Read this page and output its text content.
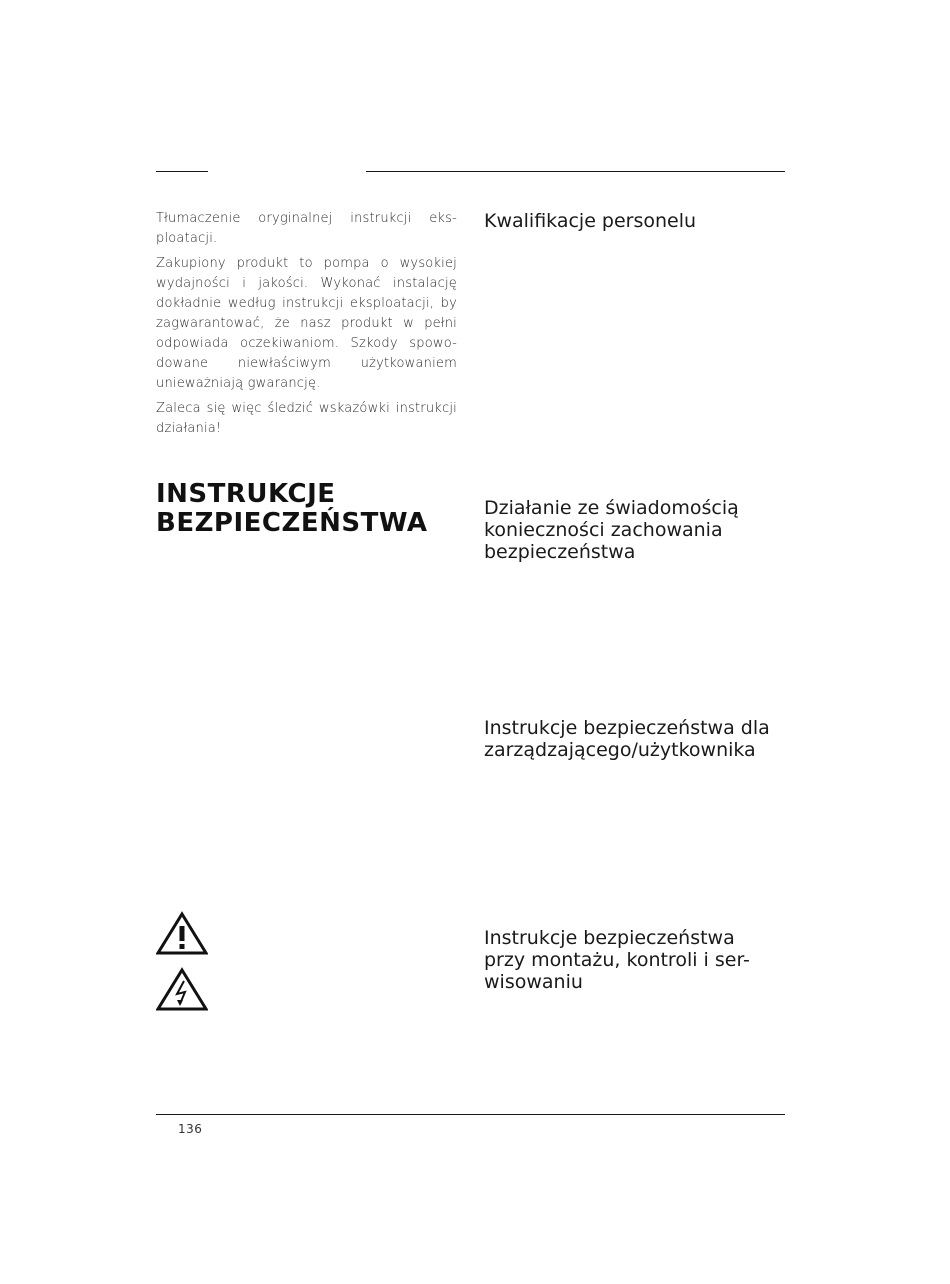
Tłumaczenie oryginalnej instrukcji eks-ploatacji.

Zakupiony produkt to pompa o wysokiej wydajności i jakości. Wykonać instalację dokładnie według instrukcji eksploatacji, by zagwarantować, że nasz produkt w pełni odpowiada oczekiwaniom. Szkody spowo-dowane niewłaściwym użytkowaniem unieważniają gwarancję.

Zaleca się więc śledzić wskazówki instrukcji działania!

INSTRUKCJE
BEZPIECZEŃSTWA
Kwalifikacje personelu
Działanie ze świadomością
konieczności zachowania
bezpieczeństwa
Instrukcje bezpieczeństwa dla
zarządzającego/użytkownika
Instrukcje bezpieczeństwa
przy montażu, kontroli i ser-
wisowaniu
136
